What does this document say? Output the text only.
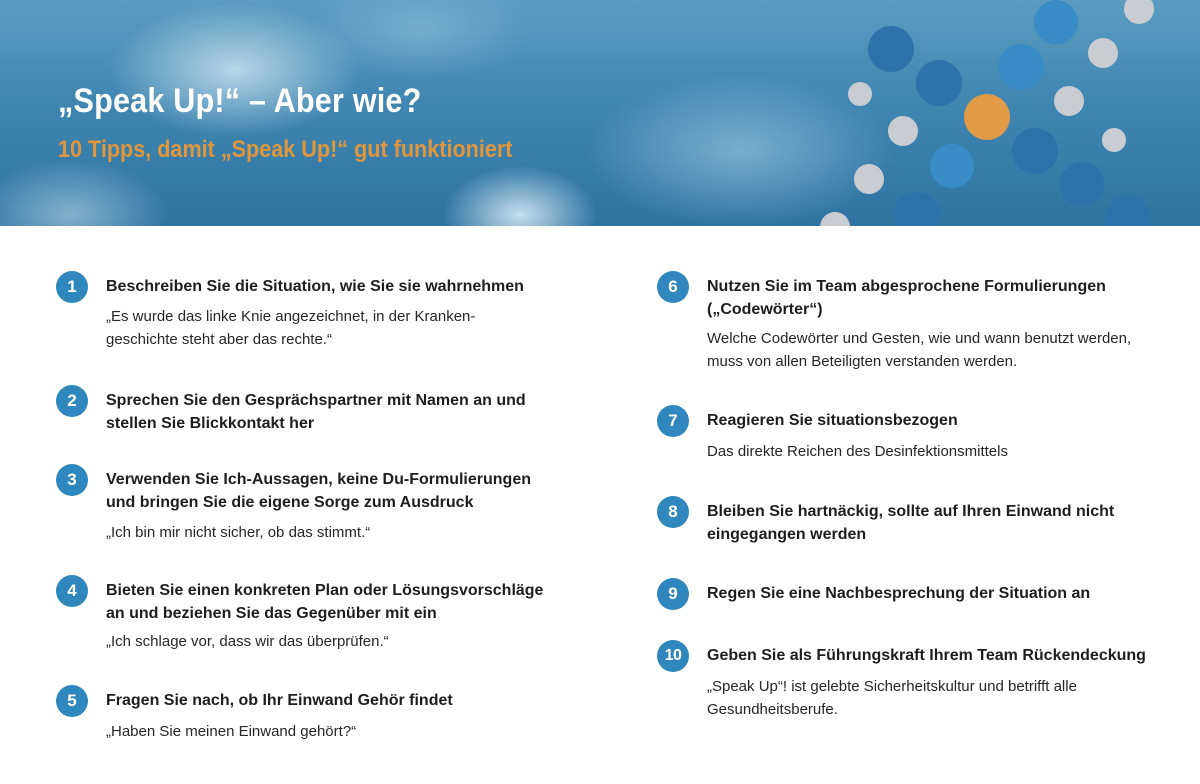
„Speak Up!“ – Aber wie?
10 Tipps, damit „Speak Up!“ gut funktioniert
1	Beschreiben Sie die Situation, wie Sie sie wahrnehmen
„Es wurde das linke Knie angezeichnet, in der Kranken-
geschichte steht aber das rechte.“
2	Sprechen Sie den Gesprächspartner mit Namen an und
stellen Sie Blickkontakt her
3	Verwenden Sie Ich-Aussagen, keine Du-Formulierungen
und bringen Sie die eigene Sorge zum Ausdruck
„Ich bin mir nicht sicher, ob das stimmt.“
4	Bieten Sie einen konkreten Plan oder Lösungsvorschläge
an und beziehen Sie das Gegenüber mit ein
„Ich schlage vor, dass wir das überprüfen.“
5	Fragen Sie nach, ob Ihr Einwand Gehör findet
„Haben Sie meinen Einwand gehört?“
6	Nutzen Sie im Team abgesprochene Formulierungen
(„Codewörter“)
Welche Codewörter und Gesten, wie und wann benutzt werden,
muss von allen Beteiligten verstanden werden.
7	Reagieren Sie situationsbezogen
Das direkte Reichen des Desinfektionsmittels
8	Bleiben Sie hartnäckig, sollte auf Ihren Einwand nicht
eingegangen werden
9	Regen Sie eine Nachbesprechung der Situation an
10	Geben Sie als Führungskraft Ihrem Team Rückendeckung
„Speak Up“! ist gelebte Sicherheitskultur und betrifft alle
Gesundheitsberufe.
